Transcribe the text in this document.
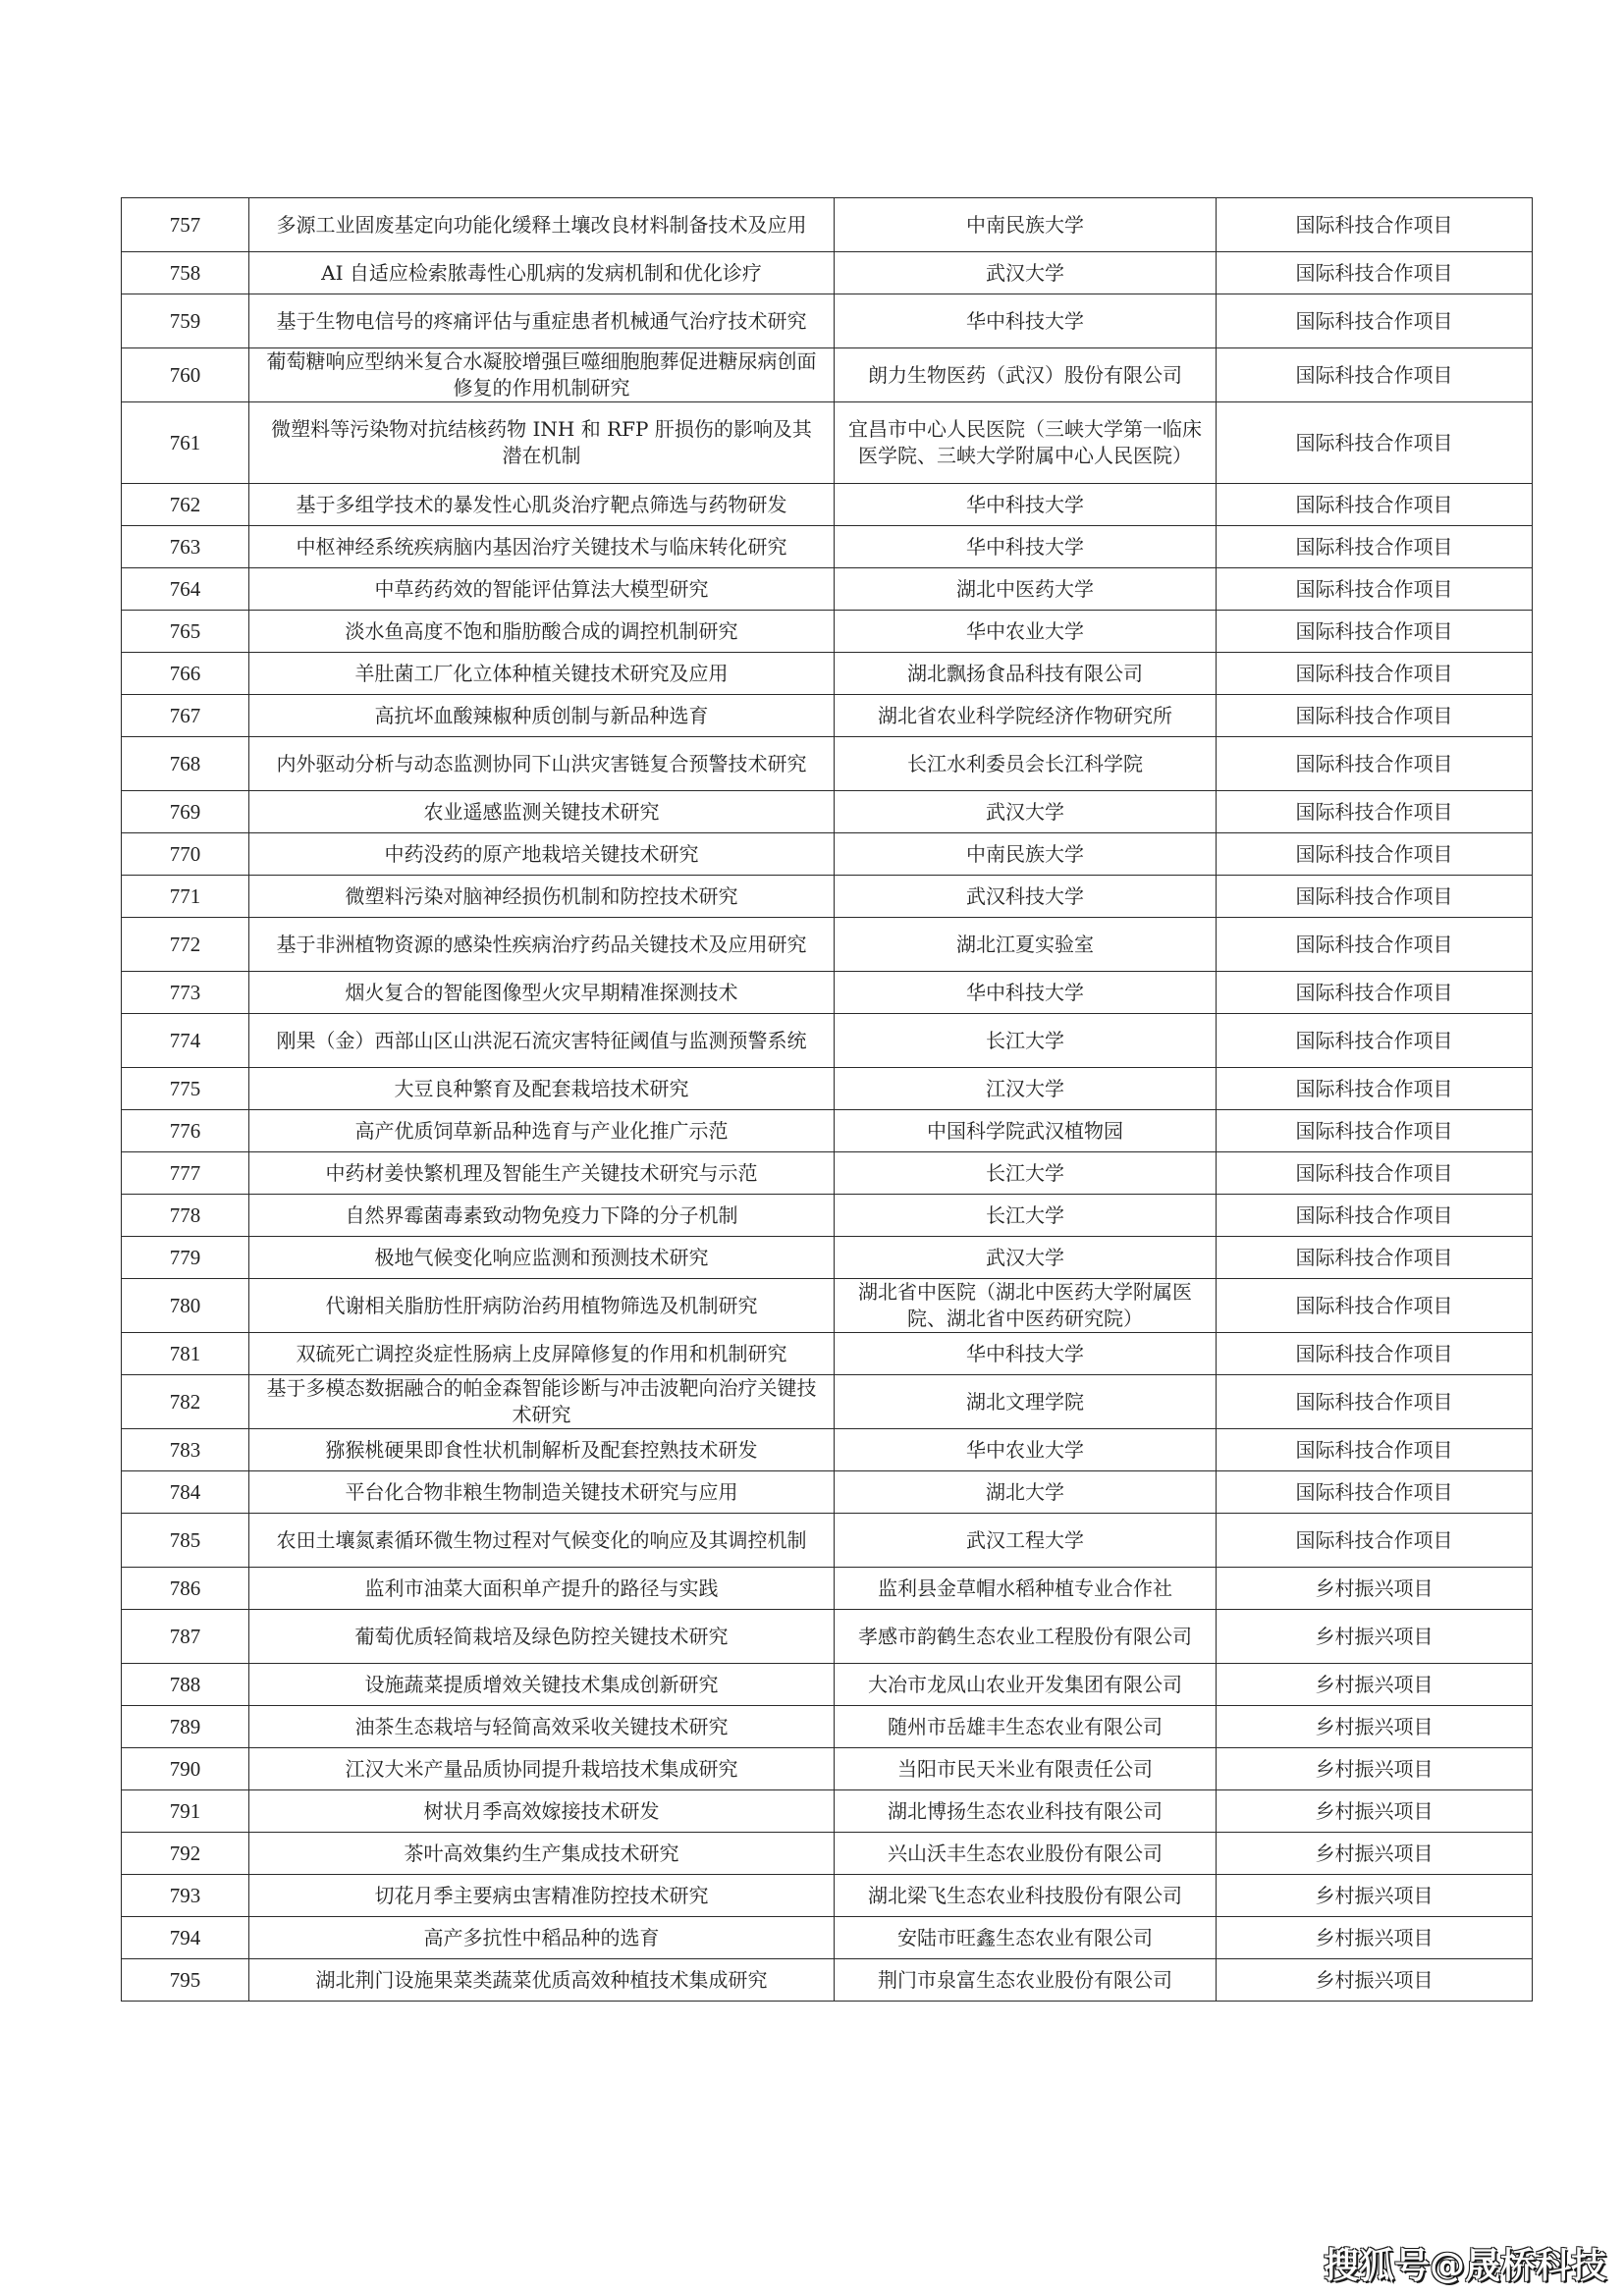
757	多源工业固废基定向功能化缓释土壤改良材料制备技术及应用	中南民族大学	国际科技合作项目
758	AI 自适应检索脓毒性心肌病的发病机制和优化诊疗	武汉大学	国际科技合作项目
759	基于生物电信号的疼痛评估与重症患者机械通气治疗技术研究	华中科技大学	国际科技合作项目
760	葡萄糖响应型纳米复合水凝胶增强巨噬细胞胞葬促进糖尿病创面修复的作用机制研究	朗力生物医药（武汉）股份有限公司	国际科技合作项目
761	微塑料等污染物对抗结核药物 INH 和 RFP 肝损伤的影响及其潜在机制	宜昌市中心人民医院（三峡大学第一临床医学院、三峡大学附属中心人民医院）	国际科技合作项目
762	基于多组学技术的暴发性心肌炎治疗靶点筛选与药物研发	华中科技大学	国际科技合作项目
763	中枢神经系统疾病脑内基因治疗关键技术与临床转化研究	华中科技大学	国际科技合作项目
764	中草药药效的智能评估算法大模型研究	湖北中医药大学	国际科技合作项目
765	淡水鱼高度不饱和脂肪酸合成的调控机制研究	华中农业大学	国际科技合作项目
766	羊肚菌工厂化立体种植关键技术研究及应用	湖北飘扬食品科技有限公司	国际科技合作项目
767	高抗坏血酸辣椒种质创制与新品种选育	湖北省农业科学院经济作物研究所	国际科技合作项目
768	内外驱动分析与动态监测协同下山洪灾害链复合预警技术研究	长江水利委员会长江科学院	国际科技合作项目
769	农业遥感监测关键技术研究	武汉大学	国际科技合作项目
770	中药没药的原产地栽培关键技术研究	中南民族大学	国际科技合作项目
771	微塑料污染对脑神经损伤机制和防控技术研究	武汉科技大学	国际科技合作项目
772	基于非洲植物资源的感染性疾病治疗药品关键技术及应用研究	湖北江夏实验室	国际科技合作项目
773	烟火复合的智能图像型火灾早期精准探测技术	华中科技大学	国际科技合作项目
774	刚果（金）西部山区山洪泥石流灾害特征阈值与监测预警系统	长江大学	国际科技合作项目
775	大豆良种繁育及配套栽培技术研究	江汉大学	国际科技合作项目
776	高产优质饲草新品种选育与产业化推广示范	中国科学院武汉植物园	国际科技合作项目
777	中药材姜快繁机理及智能生产关键技术研究与示范	长江大学	国际科技合作项目
778	自然界霉菌毒素致动物免疫力下降的分子机制	长江大学	国际科技合作项目
779	极地气候变化响应监测和预测技术研究	武汉大学	国际科技合作项目
780	代谢相关脂肪性肝病防治药用植物筛选及机制研究	湖北省中医院（湖北中医药大学附属医院、湖北省中医药研究院）	国际科技合作项目
781	双硫死亡调控炎症性肠病上皮屏障修复的作用和机制研究	华中科技大学	国际科技合作项目
782	基于多模态数据融合的帕金森智能诊断与冲击波靶向治疗关键技术研究	湖北文理学院	国际科技合作项目
783	猕猴桃硬果即食性状机制解析及配套控熟技术研发	华中农业大学	国际科技合作项目
784	平台化合物非粮生物制造关键技术研究与应用	湖北大学	国际科技合作项目
785	农田土壤氮素循环微生物过程对气候变化的响应及其调控机制	武汉工程大学	国际科技合作项目
786	监利市油菜大面积单产提升的路径与实践	监利县金草帽水稻种植专业合作社	乡村振兴项目
787	葡萄优质轻简栽培及绿色防控关键技术研究	孝感市韵鹤生态农业工程股份有限公司	乡村振兴项目
788	设施蔬菜提质增效关键技术集成创新研究	大冶市龙凤山农业开发集团有限公司	乡村振兴项目
789	油茶生态栽培与轻简高效采收关键技术研究	随州市岳雄丰生态农业有限公司	乡村振兴项目
790	江汉大米产量品质协同提升栽培技术集成研究	当阳市民天米业有限责任公司	乡村振兴项目
791	树状月季高效嫁接技术研发	湖北博扬生态农业科技有限公司	乡村振兴项目
792	茶叶高效集约生产集成技术研究	兴山沃丰生态农业股份有限公司	乡村振兴项目
793	切花月季主要病虫害精准防控技术研究	湖北梁飞生态农业科技股份有限公司	乡村振兴项目
794	高产多抗性中稻品种的选育	安陆市旺鑫生态农业有限公司	乡村振兴项目
795	湖北荆门设施果菜类蔬菜优质高效种植技术集成研究	荆门市泉富生态农业股份有限公司	乡村振兴项目
搜狐号@晟桥科技
